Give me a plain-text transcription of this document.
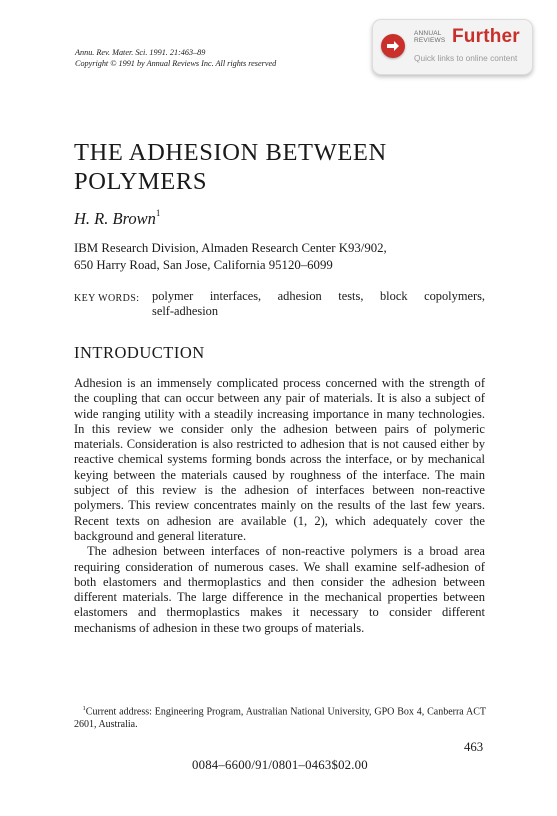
Annu. Rev. Mater. Sci. 1991. 21:463–89
Copyright © 1991 by Annual Reviews Inc. All rights reserved
ANNUAL
REVIEWS Further
Quick links to online content
THE ADHESION BETWEEN
POLYMERS
H. R. Brown$^1$
IBM Research Division, Almaden Research Center K93/902,
650 Harry Road, San Jose, California 95120–6099
KEY WORDS: polymer interfaces, adhesion tests, block copolymers,
self-adhesion
INTRODUCTION

Adhesion is an immensely complicated process concerned with the strength of the coupling that can occur between any pair of materials. It is also a subject of wide ranging utility with a steadily increasing importance in many technologies. In this review we consider only the adhesion between pairs of polymeric materials. Consideration is also restricted to adhesion that is not caused either by reactive chemical systems forming bonds across the interface, or by mechanical keying between the materials caused by roughness of the interface. The main subject of this review is the adhesion of interfaces between non-reactive polymers. This review concentrates mainly on the results of the last few years. Recent texts on adhesion are available (1, 2), which adequately cover the background and general literature.

The adhesion between interfaces of non-reactive polymers is a broad area requiring consideration of numerous cases. We shall examine self-adhesion of both elastomers and thermoplastics and then consider the adhesion between different materials. The large difference in the mechanical properties between elastomers and thermoplastics makes it necessary to consider different mechanisms of adhesion in these two groups of materials.

$^1$Current address: Engineering Program, Australian National University, GPO Box 4, Canberra ACT 2601, Australia.
463
0084–6600/91/0801–0463$02.00
